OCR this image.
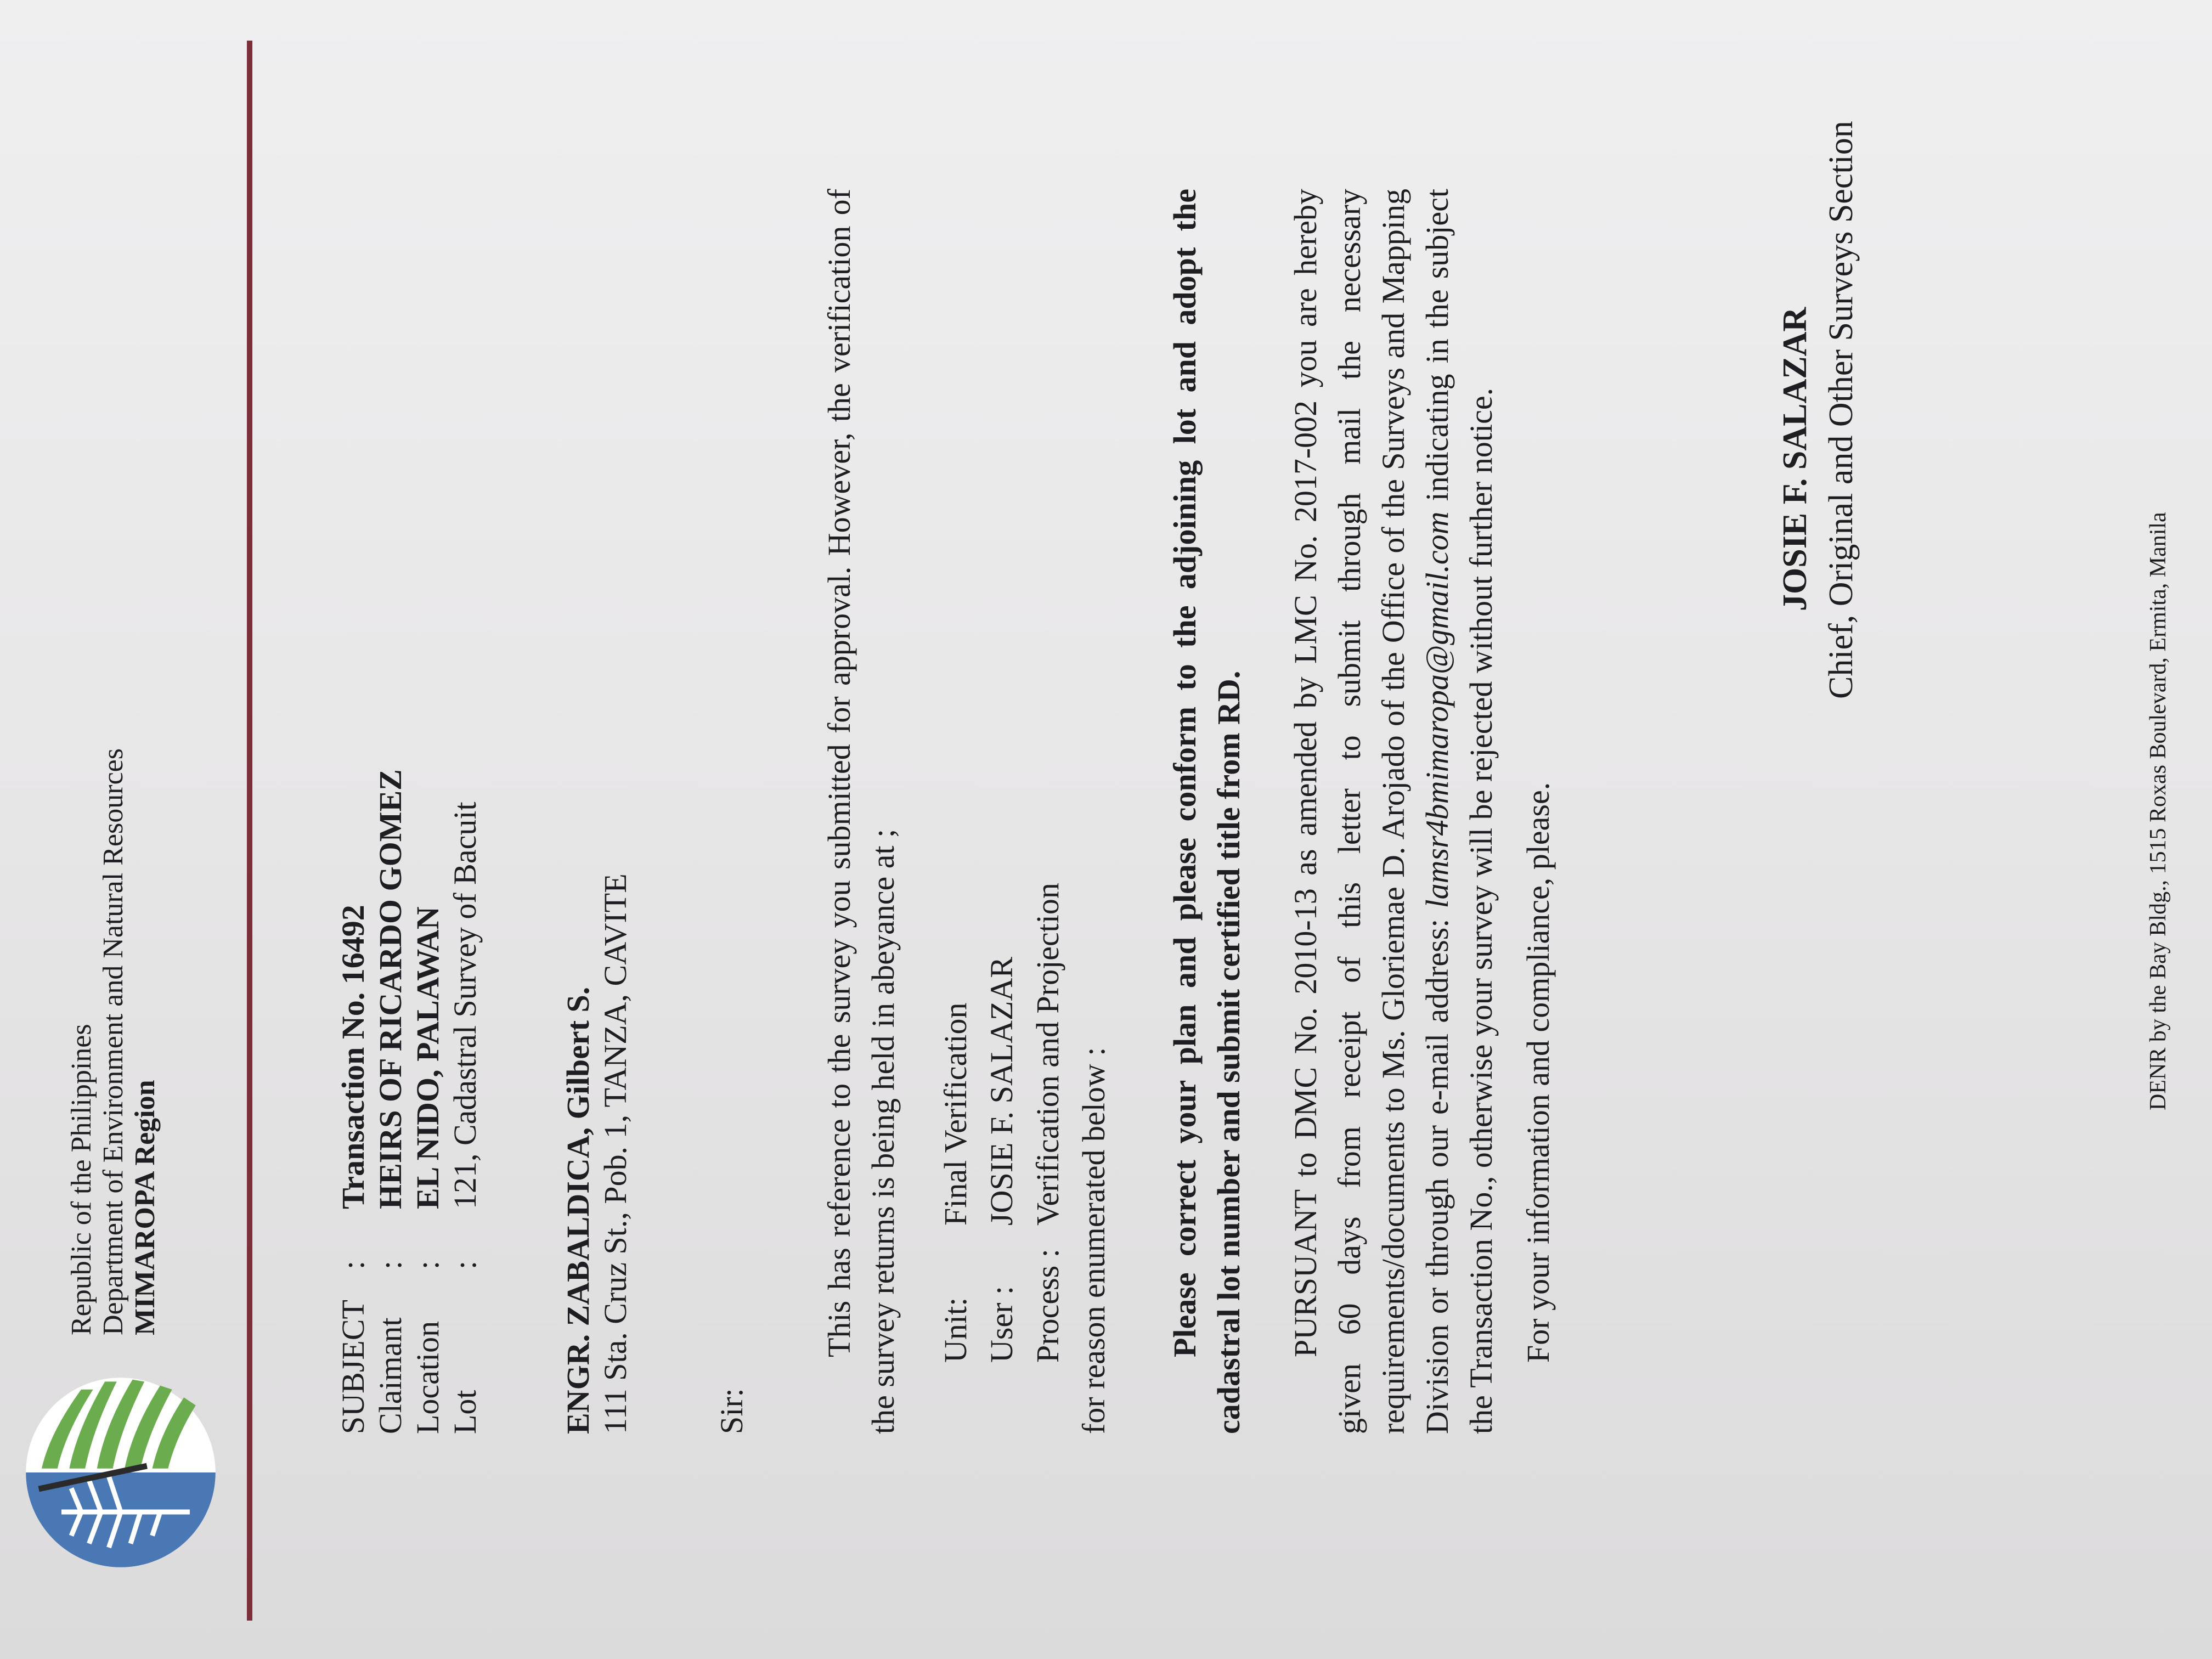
Republic of the Philippines Department of Environment and Natural Resources MIMAROPA Region
SUBJECT
:
Transaction No. 16492
Claimant
:
HEIRS OF RICARDO GOMEZ
Location
:
EL NIDO, PALAWAN
Lot
:
121, Cadastral Survey of Bacuit ENGR. ZABALDICA, Gilbert S. 111 Sta. Cruz St., Pob. 1, TANZA, CAVITE	Sir:
This has reference to the survey you submitted for approval. However, the verification of the survey returns is being held in abeyance at ; Unit:
Final Verification
User :
JOSIE F. SALAZAR
Process :
Verification and Projection for reason enumerated below : Please correct your plan and please conform to the adjoining lot and adopt the cadastral lot number and submit certified title from RD. PURSUANT to DMC No. 2010-13 as amended by LMC No. 2017-002 you are hereby given 60 days from receipt of this letter to submit through mail the necessary requirements/documents to Ms. Gloriemae D. Arojado of the Office of the Surveys and Mapping Division or through our e-mail address: lamsr4bmimaropa@gmail.com indicating in the subject the Transaction No., otherwise your survey will be rejected without further notice. For your information and compliance, please.
JOSIE F. SALAZAR Chief, Original and Other Surveys Section
DENR by the Bay Bldg., 1515 Roxas Boulevard, Ermita, Manila
